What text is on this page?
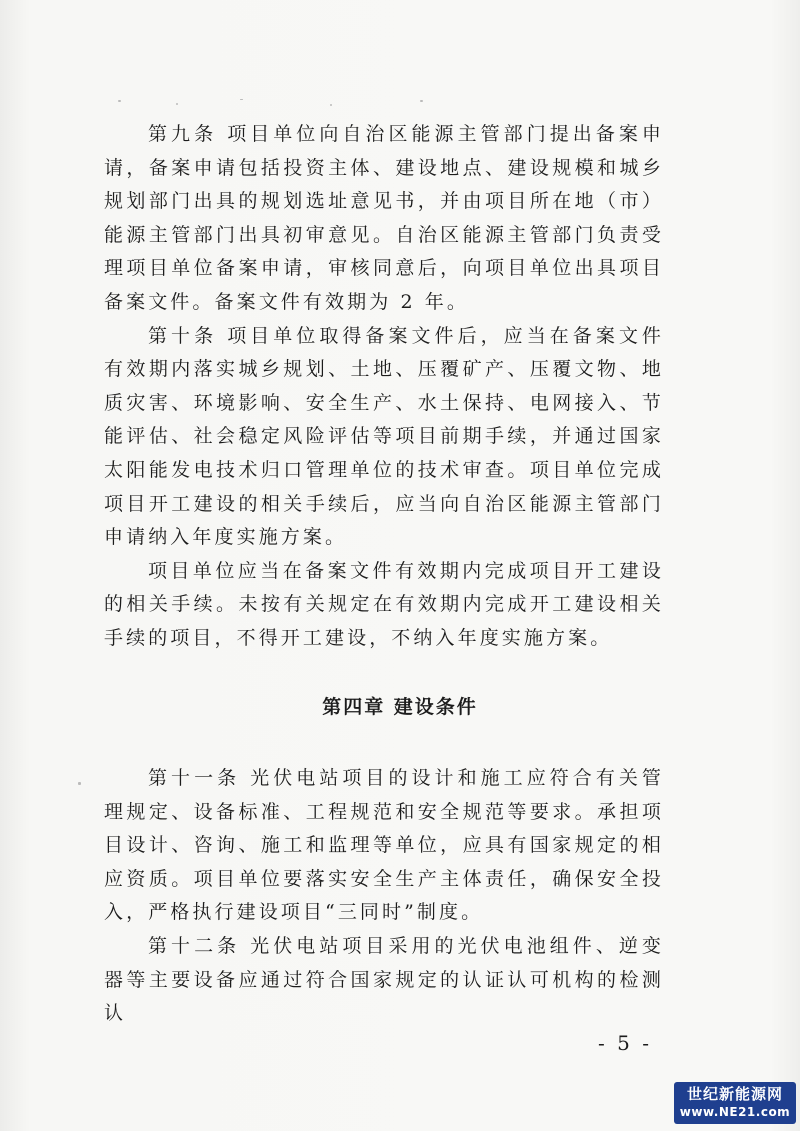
第九条 项目单位向自治区能源主管部门提出备案申请，备案申请包括投资主体、建设地点、建设规模和城乡规划部门出具的规划选址意见书，并由项目所在地（市）能源主管部门出具初审意见。自治区能源主管部门负责受理项目单位备案申请，审核同意后，向项目单位出具项目备案文件。备案文件有效期为 2 年。

第十条 项目单位取得备案文件后，应当在备案文件有效期内落实城乡规划、土地、压覆矿产、压覆文物、地质灾害、环境影响、安全生产、水土保持、电网接入、节能评估、社会稳定风险评估等项目前期手续，并通过国家太阳能发电技术归口管理单位的技术审查。项目单位完成项目开工建设的相关手续后，应当向自治区能源主管部门申请纳入年度实施方案。

项目单位应当在备案文件有效期内完成项目开工建设的相关手续。未按有关规定在有效期内完成开工建设相关手续的项目，不得开工建设，不纳入年度实施方案。

第四章 建设条件

第十一条 光伏电站项目的设计和施工应符合有关管理规定、设备标准、工程规范和安全规范等要求。承担项目设计、咨询、施工和监理等单位，应具有国家规定的相应资质。项目单位要落实安全生产主体责任，确保安全投入，严格执行建设项目“三同时”制度。

第十二条 光伏电站项目采用的光伏电池组件、逆变器等主要设备应通过符合国家规定的认证认可机构的检测认

- 5 -
世纪新能源网
www.NE21.com
